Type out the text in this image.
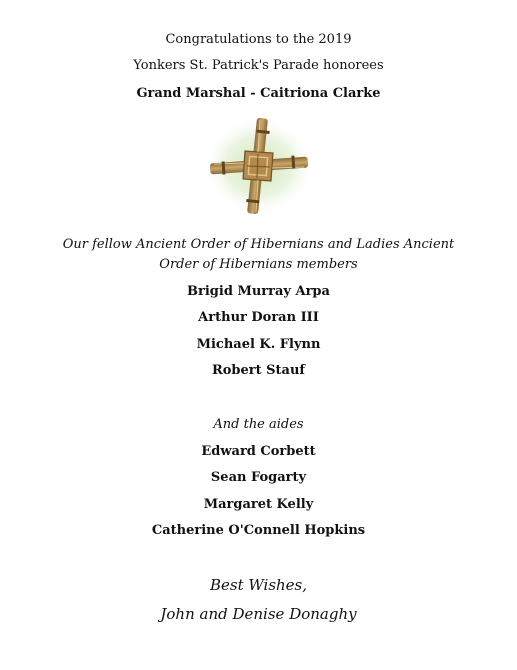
Congratulations to the 2019
Yonkers St. Patrick's Parade honorees
Grand Marshal - Caitriona Clarke
Our fellow Ancient Order of Hibernians and Ladies Ancient
Order of Hibernians members
Brigid Murray Arpa
Arthur Doran III
Michael K. Flynn
Robert Stauf
And the aides
Edward Corbett
Sean Fogarty
Margaret Kelly
Catherine O'Connell Hopkins
Best Wishes,
John and Denise Donaghy
